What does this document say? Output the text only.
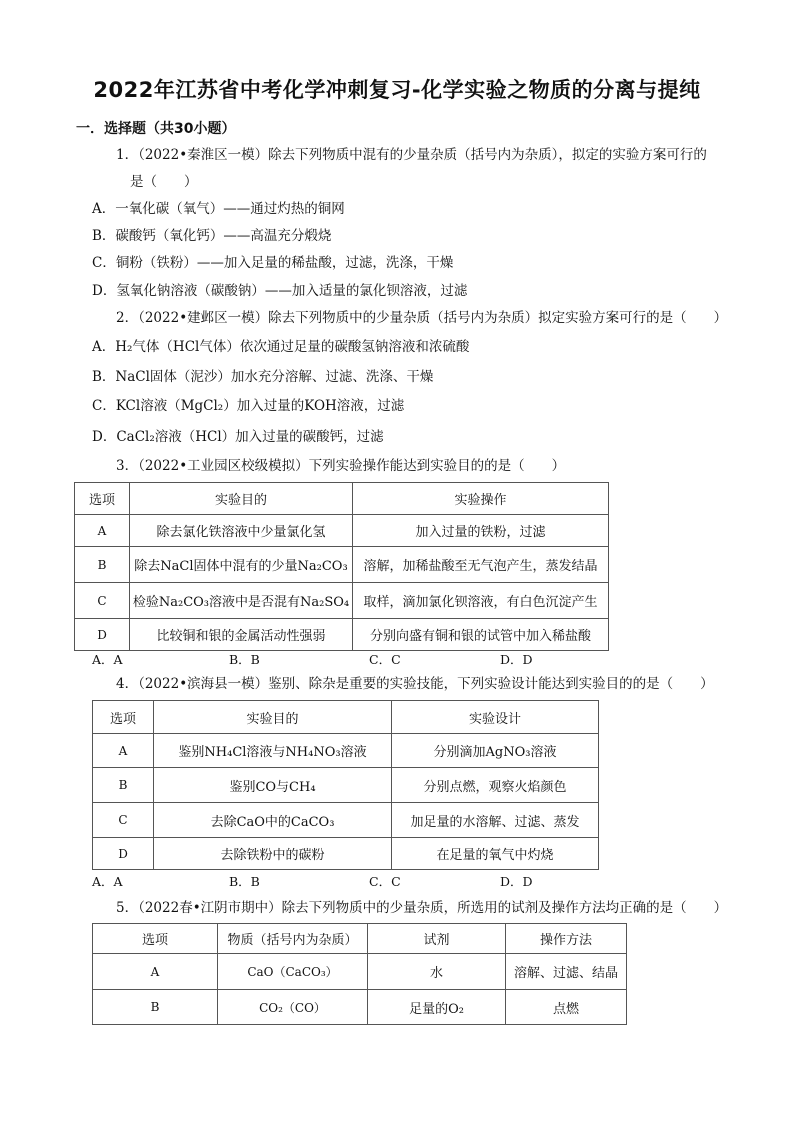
2022年江苏省中考化学冲刺复习-化学实验之物质的分离与提纯
一．选择题（共30小题）
1．（2022•秦淮区一模）除去下列物质中混有的少量杂质（括号内为杂质），拟定的实验方案可行的
是（　　）
A．一氧化碳（氧气）——通过灼热的铜网
B．碳酸钙（氧化钙）——高温充分煅烧
C．铜粉（铁粉）——加入足量的稀盐酸，过滤，洗涤，干燥
D．氢氧化钠溶液（碳酸钠）——加入适量的氯化钡溶液，过滤
2．（2022•建邺区一模）除去下列物质中的少量杂质（括号内为杂质）拟定实验方案可行的是（　　）
A．H₂气体（HCl气体）依次通过足量的碳酸氢钠溶液和浓硫酸
B．NaCl固体（泥沙）加水充分溶解、过滤、洗涤、干燥
C．KCl溶液（MgCl₂）加入过量的KOH溶液，过滤
D．CaCl₂溶液（HCl）加入过量的碳酸钙，过滤
3．（2022•工业园区校级模拟）下列实验操作能达到实验目的的是（　　）
选项	实验目的	实验操作
A	除去氯化铁溶液中少量氯化氢	加入过量的铁粉，过滤
B	除去NaCl固体中混有的少量Na₂CO₃	溶解，加稀盐酸至无气泡产生，蒸发结晶
C	检验Na₂CO₃溶液中是否混有Na₂SO₄	取样，滴加氯化钡溶液，有白色沉淀产生
D	比较铜和银的金属活动性强弱	分别向盛有铜和银的试管中加入稀盐酸
A．A	B．B	C．C	D．D
4．（2022•滨海县一模）鉴别、除杂是重要的实验技能，下列实验设计能达到实验目的的是（　　）
选项	实验目的	实验设计
A	鉴别NH₄Cl溶液与NH₄NO₃溶液	分别滴加AgNO₃溶液
B	鉴别CO与CH₄	分别点燃，观察火焰颜色
C	去除CaO中的CaCO₃	加足量的水溶解、过滤、蒸发
D	去除铁粉中的碳粉	在足量的氧气中灼烧
A．A	B．B	C．C	D．D
5．（2022春•江阴市期中）除去下列物质中的少量杂质，所选用的试剂及操作方法均正确的是（　　）
选项	物质（括号内为杂质）	试剂	操作方法
A	CaO（CaCO₃）	水	溶解、过滤、结晶
B	CO₂（CO）	足量的O₂	点燃
